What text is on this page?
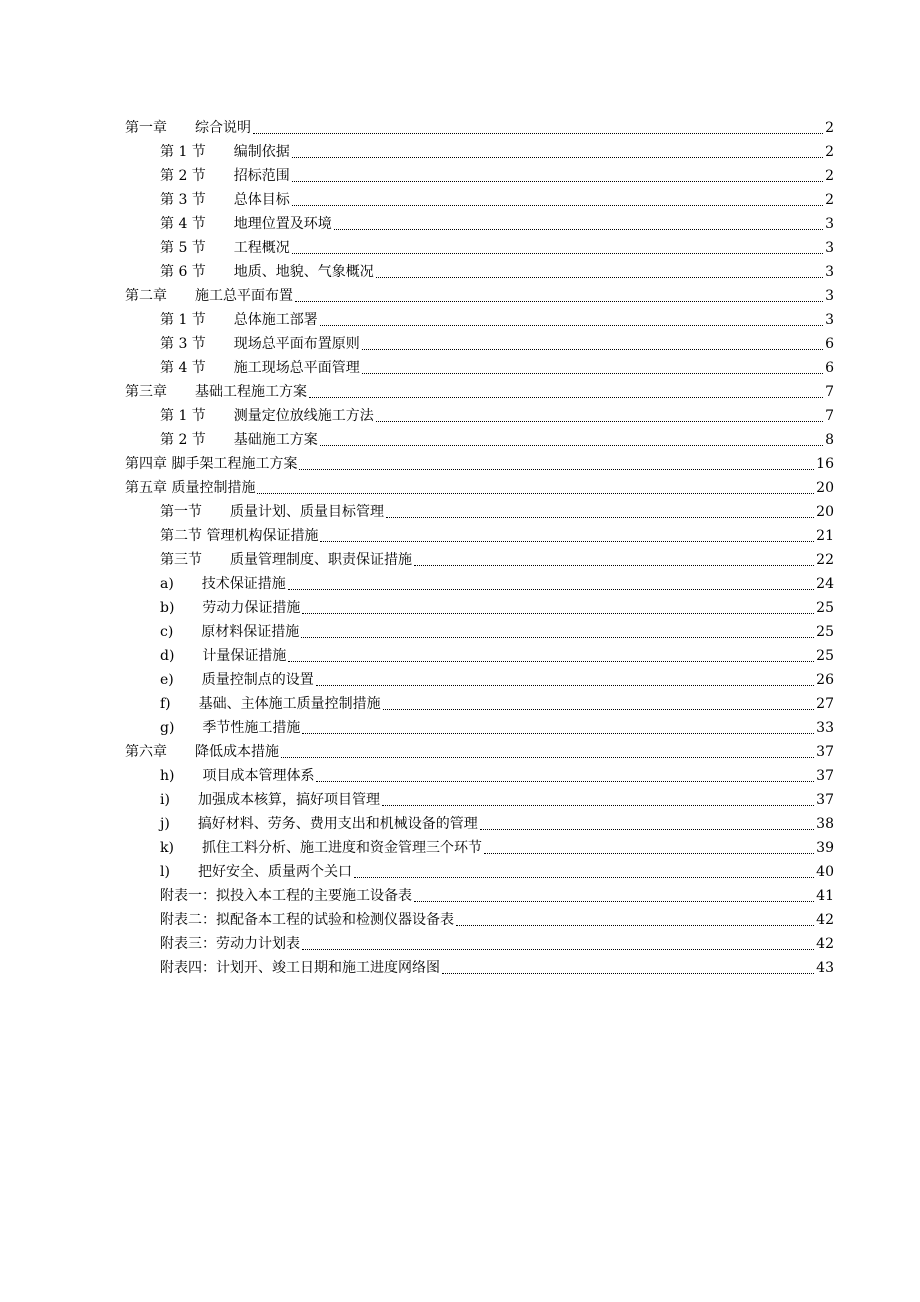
第一章　　综合说明	2
第 1 节　　编制依据	2
第 2 节　　招标范围	2
第 3 节　　总体目标	2
第 4 节　　地理位置及环境	3
第 5 节　　工程概况	3
第 6 节　　地质、地貌、气象概况	3
第二章　　施工总平面布置	3
第 1 节　　总体施工部署	3
第 3 节　　现场总平面布置原则	6
第 4 节　　施工现场总平面管理	6
第三章　　基础工程施工方案	7
第 1 节　　测量定位放线施工方法	7
第 2 节　　基础施工方案	8
第四章 脚手架工程施工方案	16
第五章 质量控制措施	20
第一节　　质量计划、质量目标管理	20
第二节 管理机构保证措施	21
第三节　　质量管理制度、职责保证措施	22
a)　　技术保证措施	24
b)　　劳动力保证措施	25
c)　　原材料保证措施	25
d)　　计量保证措施	25
e)　　质量控制点的设置	26
f)　　基础、主体施工质量控制措施	27
g)　　季节性施工措施	33
第六章　　降低成本措施	37
h)　　项目成本管理体系	37
i)　　加强成本核算，搞好项目管理	37
j)　　搞好材料、劳务、费用支出和机械设备的管理	38
k)　　抓住工料分析、施工进度和资金管理三个环节	39
l)　　把好安全、质量两个关口	40
附表一：拟投入本工程的主要施工设备表	41
附表二：拟配备本工程的试验和检测仪器设备表	42
附表三：劳动力计划表	42
附表四：计划开、竣工日期和施工进度网络图	43
